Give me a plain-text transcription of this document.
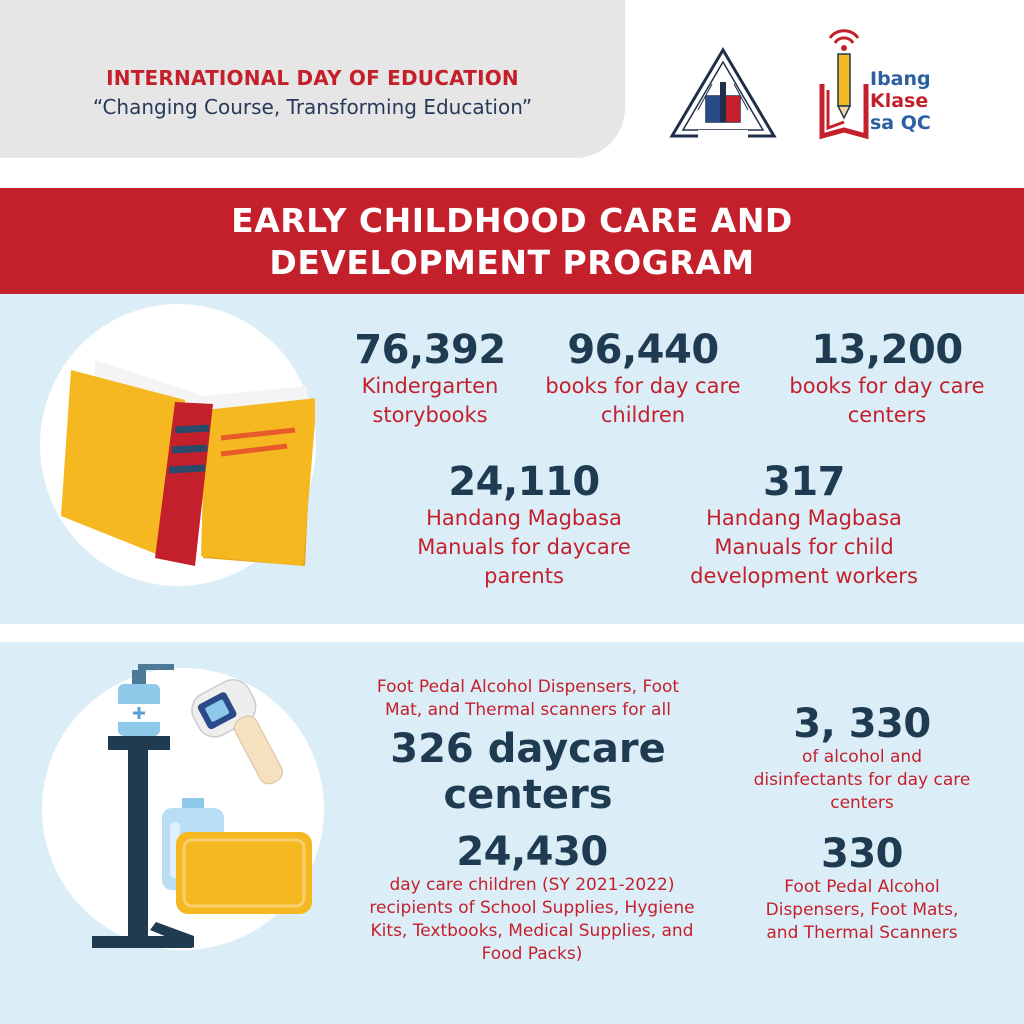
INTERNATIONAL DAY OF EDUCATION
“Changing Course, Transforming Education”
Ibang
Klase
sa QC
EARLY CHILDHOOD CARE AND
DEVELOPMENT PROGRAM
76,392
Kindergarten
storybooks
96,440
books for day care
children
13,200
books for day care
centers
24,110
Handang Magbasa
Manuals for daycare
parents
317
Handang Magbasa
Manuals for child
development workers
Foot Pedal Alcohol Dispensers, Foot
Mat, and Thermal scanners for all
326 daycare
centers
24,430
day care children (SY 2021-2022)
recipients of School Supplies, Hygiene
Kits, Textbooks, Medical Supplies, and
Food Packs)
3, 330
of alcohol and
disinfectants for day care
centers
330
Foot Pedal Alcohol
Dispensers, Foot Mats,
and Thermal Scanners
